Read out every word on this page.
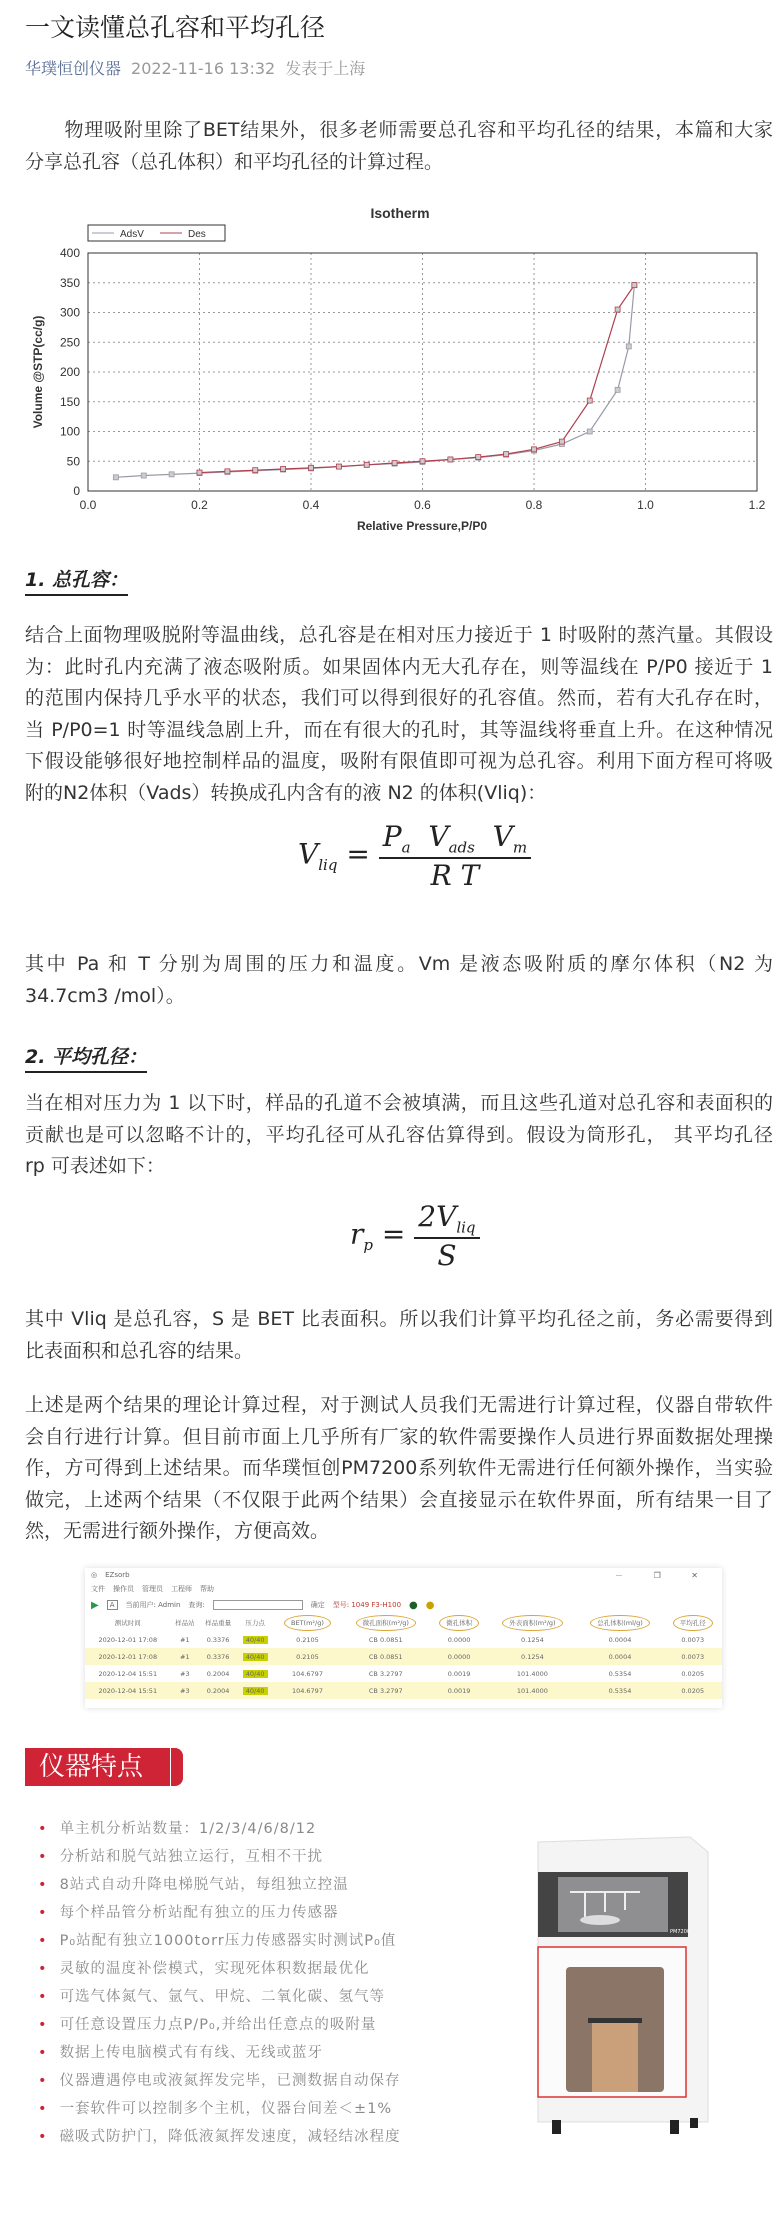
一文读懂总孔容和平均孔径
华璞恒创仪器 2022-11-16 13:32 发表于上海
　　物理吸附里除了BET结果外，很多老师需要总孔容和平均孔径的结果，本篇和大家
分享总孔容（总孔体积）和平均孔径的计算过程。
Isotherm
0.0	0.2	0.4	0.6	0.8	1.0	1.2
0
50
100
150
200
250
300
350
400
Relative Pressure,P/P0
Volume @STP(cc/g)
AdsV	Des
1. 总孔容：
结合上面物理吸脱附等温曲线，总孔容是在相对压力接近于 1 时吸附的蒸汽量。其假设
为：此时孔内充满了液态吸附质。如果固体内无大孔存在，则等温线在 P/P0 接近于 1
的范围内保持几乎水平的状态，我们可以得到很好的孔容值。然而，若有大孔存在时，
当 P/P0=1 时等温线急剧上升，而在有很大的孔时，其等温线将垂直上升。在这种情况
下假设能够很好地控制样品的温度，吸附有限值即可视为总孔容。利用下面方程可将吸
附的N2体积（Vads）转换成孔内含有的液 N2 的体积(Vliq)：
$V_{liq} = \frac{P_a V_{ads} V_m}{\text{R T}}$
其中 Pa 和 T 分别为周围的压力和温度。Vm 是液态吸附质的摩尔体积（N2 为
34.7cm3 /mol）。
2. 平均孔径：
当在相对压力为 1 以下时，样品的孔道不会被填满，而且这些孔道对总孔容和表面积的
贡献也是可以忽略不计的，平均孔径可从孔容估算得到。假设为筒形孔， 其平均孔径
rp 可表述如下：
$r_p = \frac{2V_{liq}}{S}$
其中 Vliq 是总孔容，S 是 BET 比表面积。所以我们计算平均孔径之前，务必需要得到
比表面积和总孔容的结果。
上述是两个结果的理论计算过程，对于测试人员我们无需进行计算过程，仪器自带软件
会自行进行计算。但目前市面上几乎所有厂家的软件需要操作人员进行界面数据处理操
作，方可得到上述结果。而华璞恒创PM7200系列软件无需进行任何额外操作，当实验
做完，上述两个结果（不仅限于此两个结果）会直接显示在软件界面，所有结果一目了
然，无需进行额外操作，方便高效。
◎ EZsorb	－ ❐ ✕
文件 操作员 管理员 工程师 帮助
▶	A	当前用户: Admin 查询:	确定 型号: 1049 F3-H100 ● ●
测试时间	样品站	样品重量	压力点	BET(m²/g)	微孔面积(m²/g)	微孔体积	外表面积(m²/g)	总孔体积(ml/g)	平均孔径
2020-12-01 17:08	#1	0.3376	40/40	0.2105	CB 0.0851	0.0000	0.1254	0.0004	0.0073
2020-12-01 17:08	#1	0.3376	40/40	0.2105	CB 0.0851	0.0000	0.1254	0.0004	0.0073
2020-12-04 15:51	#3	0.2004	40/40	104.6797	CB 3.2797	0.0019	101.4000	0.5354	0.0205
2020-12-04 15:51	#3	0.2004	40/40	104.6797	CB 3.2797	0.0019	101.4000	0.5354	0.0205
仪器特点
• 单主机分析站数量：1/2/3/4/6/8/12
• 分析站和脱气站独立运行，互相不干扰
• 8站式自动升降电梯脱气站，每组独立控温
• 每个样品管分析站配有独立的压力传感器
• P₀站配有独立1000torr压力传感器实时测试P₀值
• 灵敏的温度补偿模式，实现死体积数据最优化
• 可选气体氮气、氩气、甲烷、二氧化碳、氢气等
• 可任意设置压力点P/P₀,并给出任意点的吸附量
• 数据上传电脑模式有有线、无线或蓝牙
• 仪器遭遇停电或液氮挥发完毕，已测数据自动保存
• 一套软件可以控制多个主机，仪器台间差＜±1%
• 磁吸式防护门，降低液氮挥发速度，减轻结冰程度
PM7200
